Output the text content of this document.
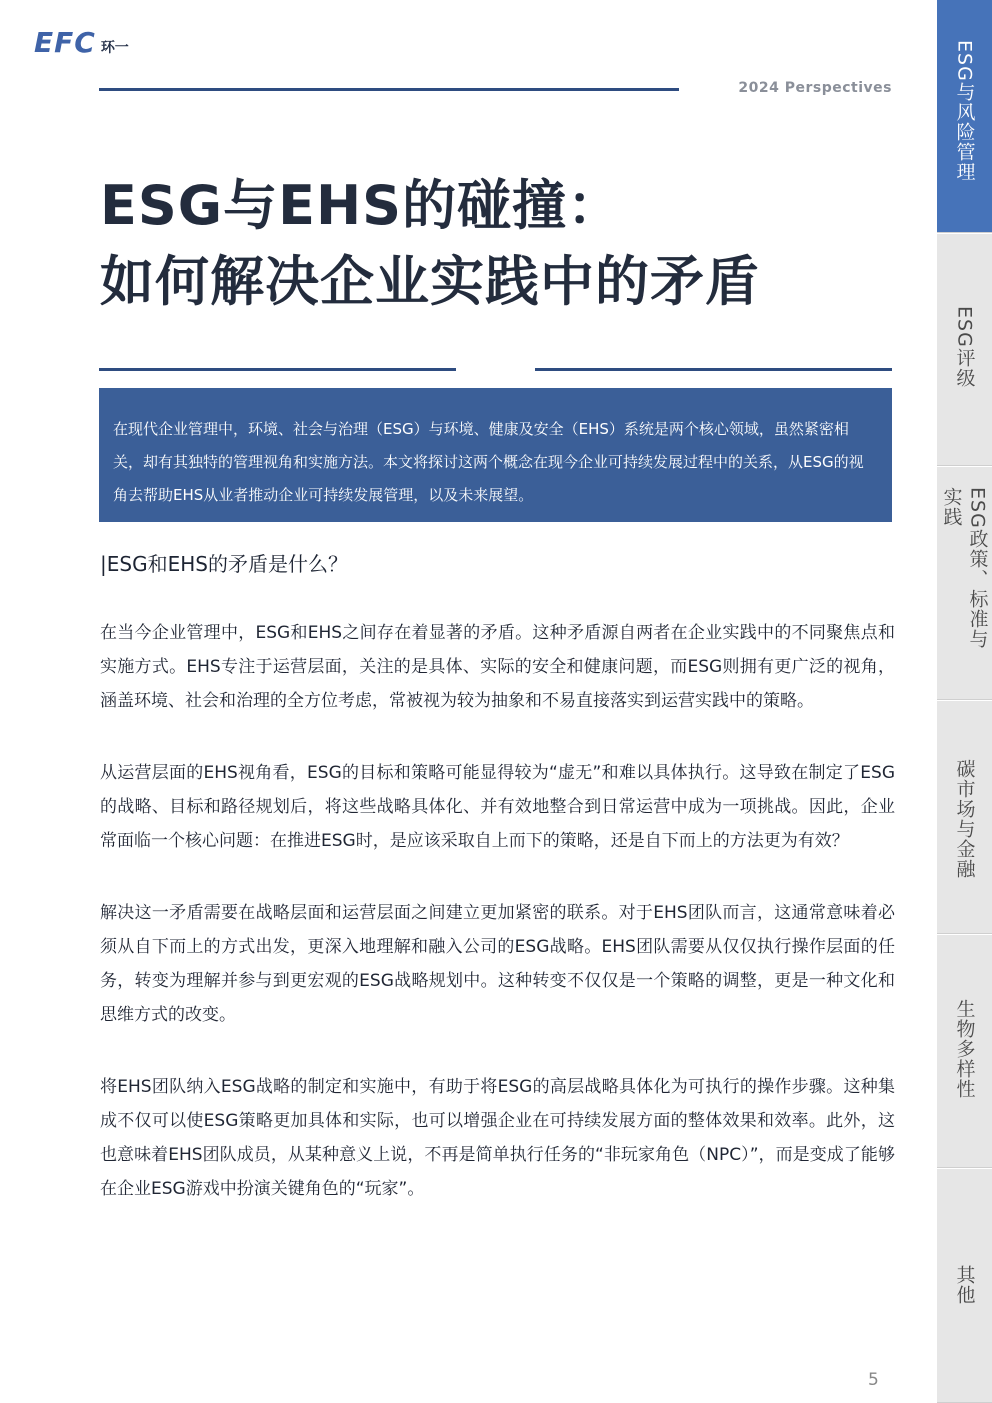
EFC 环一
2024 Perspectives
ESG与EHS的碰撞：
如何解决企业实践中的矛盾
在现代企业管理中，环境、社会与治理（ESG）与环境、健康及安全（EHS）系统是两个核心领域，虽然紧密相关，却有其独特的管理视角和实施方法。本文将探讨这两个概念在现今企业可持续发展过程中的关系，从ESG的视角去帮助EHS从业者推动企业可持续发展管理，以及未来展望。
|ESG和EHS的矛盾是什么？

在当今企业管理中，ESG和EHS之间存在着显著的矛盾。这种矛盾源自两者在企业实践中的不同聚焦点和实施方式。EHS专注于运营层面，关注的是具体、实际的安全和健康问题，而ESG则拥有更广泛的视角，涵盖环境、社会和治理的全方位考虑，常被视为较为抽象和不易直接落实到运营实践中的策略。

从运营层面的EHS视角看，ESG的目标和策略可能显得较为“虚无”和难以具体执行。这导致在制定了ESG的战略、目标和路径规划后，将这些战略具体化、并有效地整合到日常运营中成为一项挑战。因此，企业常面临一个核心问题：在推进ESG时，是应该采取自上而下的策略，还是自下而上的方法更为有效？

解决这一矛盾需要在战略层面和运营层面之间建立更加紧密的联系。对于EHS团队而言，这通常意味着必须从自下而上的方式出发，更深入地理解和融入公司的ESG战略。EHS团队需要从仅仅执行操作层面的任务，转变为理解并参与到更宏观的ESG战略规划中。这种转变不仅仅是一个策略的调整，更是一种文化和思维方式的改变。

将EHS团队纳入ESG战略的制定和实施中，有助于将ESG的高层战略具体化为可执行的操作步骤。这种集成不仅可以使ESG策略更加具体和实际，也可以增强企业在可持续发展方面的整体效果和效率。此外，这也意味着EHS团队成员，从某种意义上说，不再是简单执行任务的“非玩家角色（NPC）”，而是变成了能够在企业ESG游戏中扮演关键角色的“玩家”。

5
ESG与风险管理
ESG评级
ESG政策、标准与实践
碳市场与金融
生物多样性
其他
